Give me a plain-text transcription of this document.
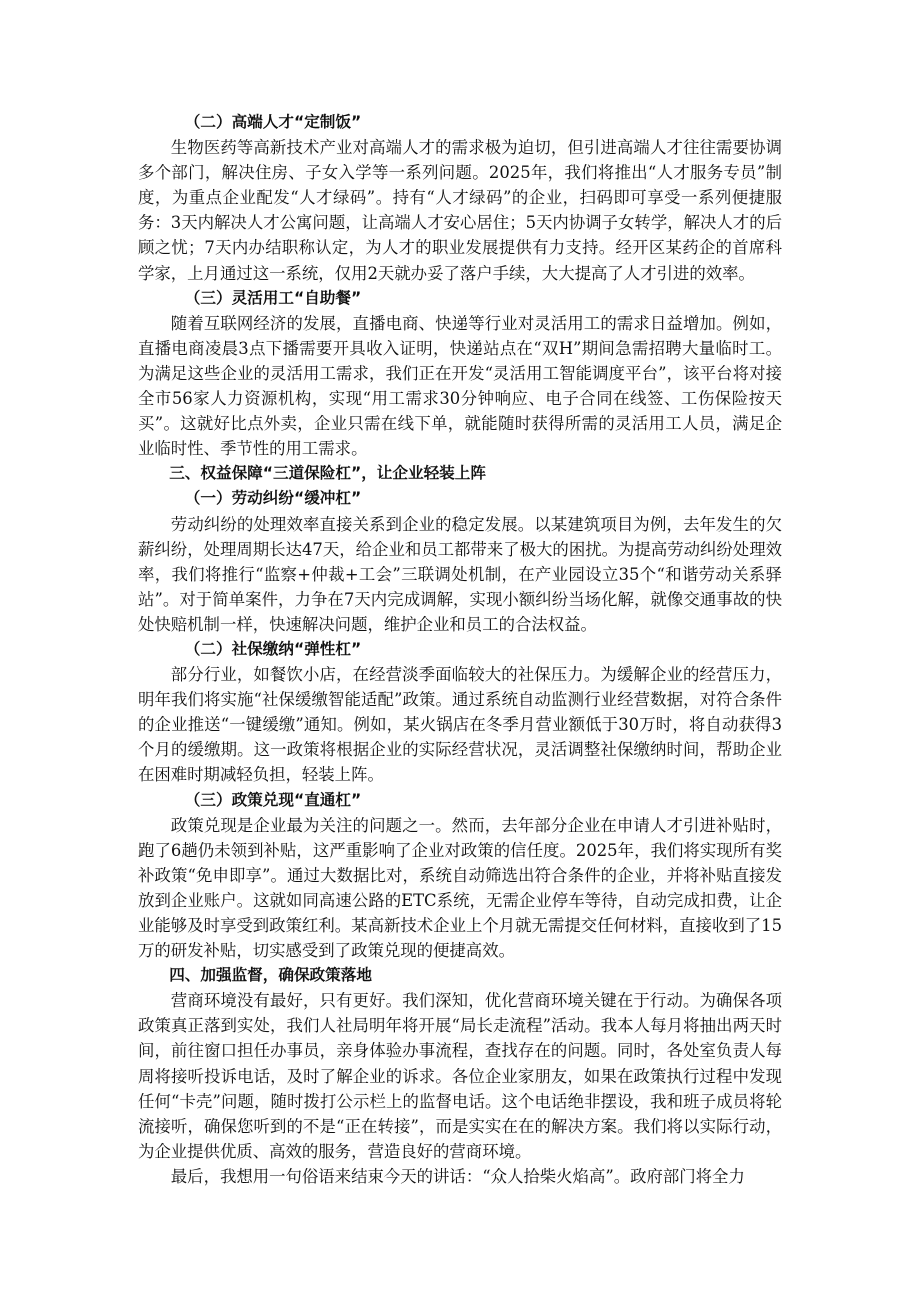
（二）高端人才“定制饭”

生物医药等高新技术产业对高端人才的需求极为迫切，但引进高端人才往往需要协调多个部门，解决住房、子女入学等一系列问题。2025年，我们将推出“人才服务专员”制度，为重点企业配发“人才绿码”。持有“人才绿码”的企业，扫码即可享受一系列便捷服务：3天内解决人才公寓问题，让高端人才安心居住；5天内协调子女转学，解决人才的后顾之忧；7天内办结职称认定，为人才的职业发展提供有力支持。经开区某药企的首席科学家，上月通过这一系统，仅用2天就办妥了落户手续，大大提高了人才引进的效率。

（三）灵活用工“自助餐”

随着互联网经济的发展，直播电商、快递等行业对灵活用工的需求日益增加。例如，直播电商凌晨3点下播需要开具收入证明，快递站点在“双H”期间急需招聘大量临时工。为满足这些企业的灵活用工需求，我们正在开发“灵活用工智能调度平台”，该平台将对接全市56家人力资源机构，实现“用工需求30分钟响应、电子合同在线签、工伤保险按天买”。这就好比点外卖，企业只需在线下单，就能随时获得所需的灵活用工人员，满足企业临时性、季节性的用工需求。

三、权益保障“三道保险杠”，让企业轻装上阵

（一）劳动纠纷“缓冲杠”

劳动纠纷的处理效率直接关系到企业的稳定发展。以某建筑项目为例，去年发生的欠薪纠纷，处理周期长达47天，给企业和员工都带来了极大的困扰。为提高劳动纠纷处理效率，我们将推行“监察+仲裁+工会”三联调处机制，在产业园设立35个“和谐劳动关系驿站”。对于简单案件，力争在7天内完成调解，实现小额纠纷当场化解，就像交通事故的快处快赔机制一样，快速解决问题，维护企业和员工的合法权益。

（二）社保缴纳“弹性杠”

部分行业，如餐饮小店，在经营淡季面临较大的社保压力。为缓解企业的经营压力，明年我们将实施“社保缓缴智能适配”政策。通过系统自动监测行业经营数据，对符合条件的企业推送“一键缓缴”通知。例如，某火锅店在冬季月营业额低于30万时，将自动获得3个月的缓缴期。这一政策将根据企业的实际经营状况，灵活调整社保缴纳时间，帮助企业在困难时期减轻负担，轻装上阵。

（三）政策兑现“直通杠”

政策兑现是企业最为关注的问题之一。然而，去年部分企业在申请人才引进补贴时，跑了6趟仍未领到补贴，这严重影响了企业对政策的信任度。2025年，我们将实现所有奖补政策“免申即享”。通过大数据比对，系统自动筛选出符合条件的企业，并将补贴直接发放到企业账户。这就如同高速公路的ETC系统，无需企业停车等待，自动完成扣费，让企业能够及时享受到政策红利。某高新技术企业上个月就无需提交任何材料，直接收到了15万的研发补贴，切实感受到了政策兑现的便捷高效。

四、加强监督，确保政策落地

营商环境没有最好，只有更好。我们深知，优化营商环境关键在于行动。为确保各项政策真正落到实处，我们人社局明年将开展“局长走流程”活动。我本人每月将抽出两天时间，前往窗口担任办事员，亲身体验办事流程，查找存在的问题。同时，各处室负责人每周将接听投诉电话，及时了解企业的诉求。各位企业家朋友，如果在政策执行过程中发现任何“卡壳”问题，随时拨打公示栏上的监督电话。这个电话绝非摆设，我和班子成员将轮流接听，确保您听到的不是“正在转接”，而是实实在在的解决方案。我们将以实际行动，为企业提供优质、高效的服务，营造良好的营商环境。

最后，我想用一句俗语来结束今天的讲话：“众人拾柴火焰高”。政府部门将全力
